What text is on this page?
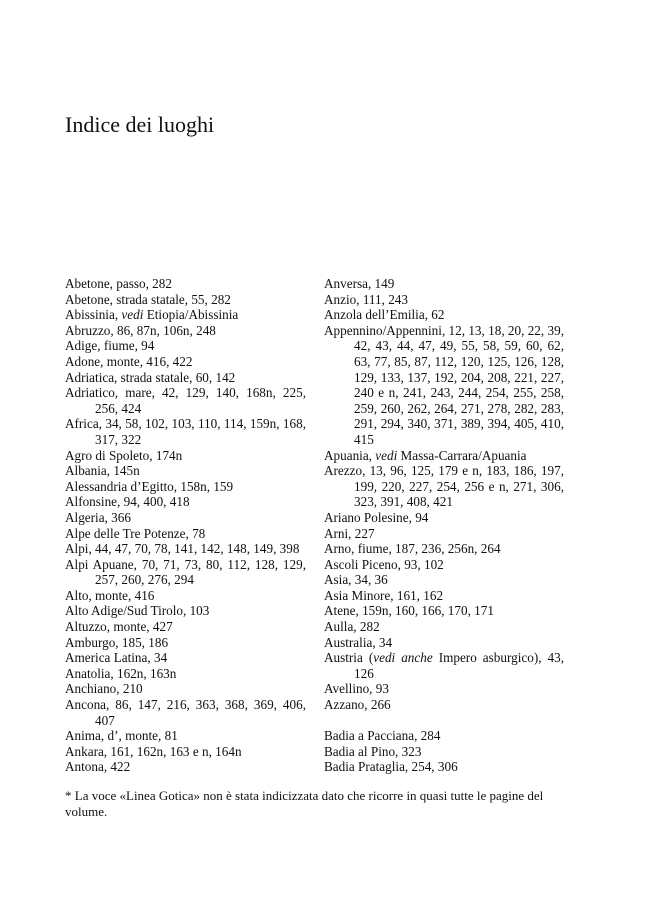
Indice dei luoghi

Abetone, passo, 282

Abetone, strada statale, 55, 282

Abissinia, vedi Etiopia/Abissinia

Abruzzo, 86, 87n, 106n, 248

Adige, fiume, 94

Adone, monte, 416, 422

Adriatica, strada statale, 60, 142

Adriatico, mare, 42, 129, 140, 168n, 225, 256, 424

Africa, 34, 58, 102, 103, 110, 114, 159n, 168, 317, 322

Agro di Spoleto, 174n

Albania, 145n

Alessandria d’Egitto, 158n, 159

Alfonsine, 94, 400, 418

Algeria, 366

Alpe delle Tre Potenze, 78

Alpi, 44, 47, 70, 78, 141, 142, 148, 149, 398

Alpi Apuane, 70, 71, 73, 80, 112, 128, 129, 257, 260, 276, 294

Alto, monte, 416

Alto Adige/Sud Tirolo, 103

Altuzzo, monte, 427

Amburgo, 185, 186

America Latina, 34

Anatolia, 162n, 163n

Anchiano, 210

Ancona, 86, 147, 216, 363, 368, 369, 406, 407

Anima, d’, monte, 81

Ankara, 161, 162n, 163 e n, 164n

Antona, 422

Anversa, 149

Anzio, 111, 243

Anzola dell’Emilia, 62

Appennino/Appennini, 12, 13, 18, 20, 22, 39, 42, 43, 44, 47, 49, 55, 58, 59, 60, 62, 63, 77, 85, 87, 112, 120, 125, 126, 128, 129, 133, 137, 192, 204, 208, 221, 227, 240 e n, 241, 243, 244, 254, 255, 258, 259, 260, 262, 264, 271, 278, 282, 283, 291, 294, 340, 371, 389, 394, 405, 410, 415

Apuania, vedi Massa-Carrara/Apuania

Arezzo, 13, 96, 125, 179 e n, 183, 186, 197, 199, 220, 227, 254, 256 e n, 271, 306, 323, 391, 408, 421

Ariano Polesine, 94

Arni, 227

Arno, fiume, 187, 236, 256n, 264

Ascoli Piceno, 93, 102

Asia, 34, 36

Asia Minore, 161, 162

Atene, 159n, 160, 166, 170, 171

Aulla, 282

Australia, 34

Austria (vedi anche Impero asburgico), 43, 126

Avellino, 93

Azzano, 266

Badia a Pacciana, 284

Badia al Pino, 323

Badia Prataglia, 254, 306

* La voce «Linea Gotica» non è stata indicizzata dato che ricorre in quasi tutte le pagine del volume.
